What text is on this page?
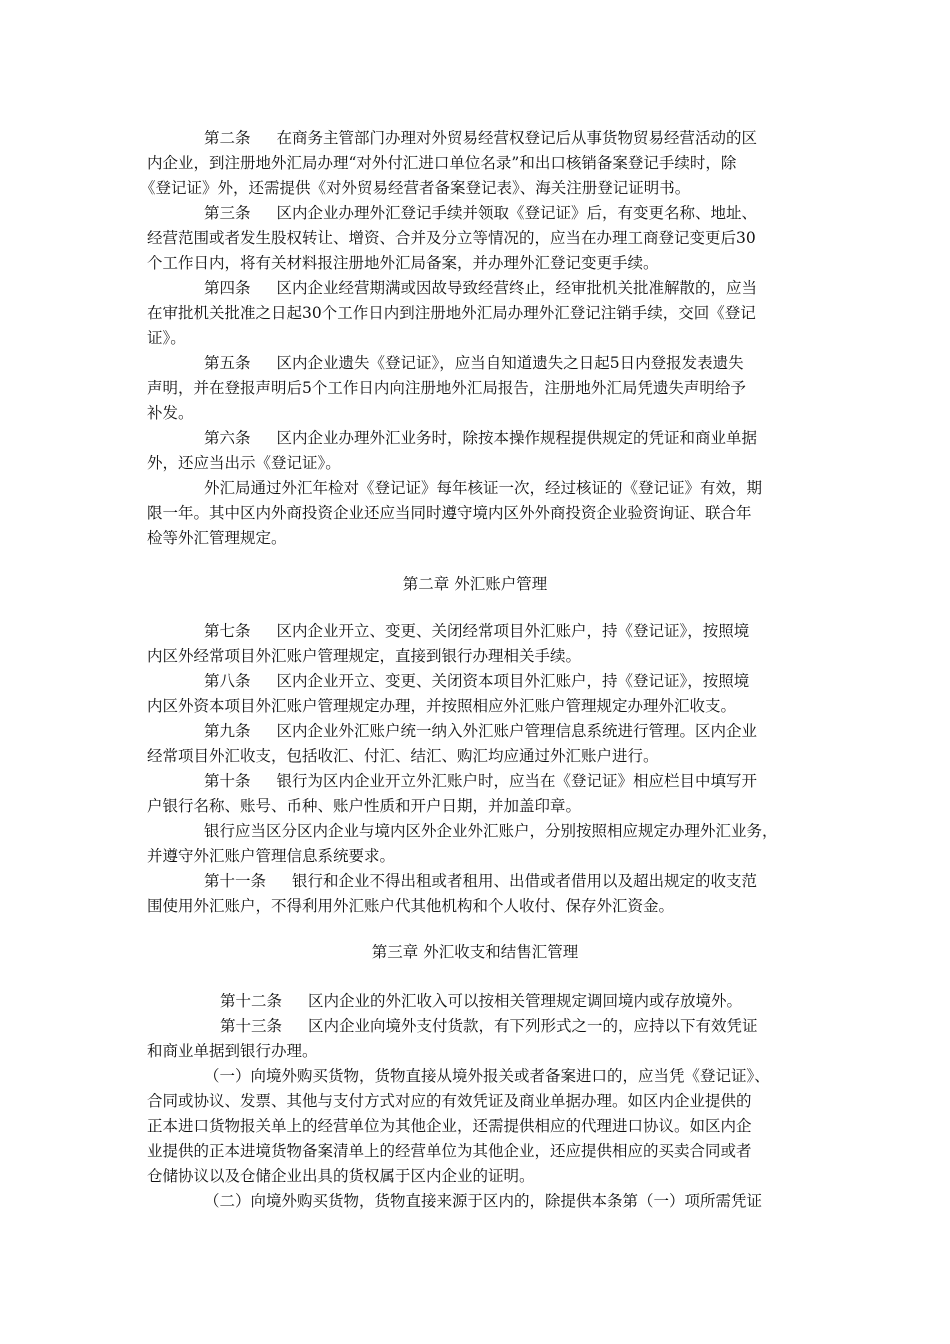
第二条 在商务主管部门办理对外贸易经营权登记后从事货物贸易经营活动的区
内企业，到注册地外汇局办理“对外付汇进口单位名录”和出口核销备案登记手续时，除
《登记证》外，还需提供《对外贸易经营者备案登记表》、海关注册登记证明书。
第三条 区内企业办理外汇登记手续并领取《登记证》后，有变更名称、地址、
经营范围或者发生股权转让、增资、合并及分立等情况的，应当在办理工商登记变更后30
个工作日内，将有关材料报注册地外汇局备案，并办理外汇登记变更手续。
第四条 区内企业经营期满或因故导致经营终止，经审批机关批准解散的，应当
在审批机关批准之日起30个工作日内到注册地外汇局办理外汇登记注销手续，交回《登记
证》。
第五条 区内企业遗失《登记证》，应当自知道遗失之日起5日内登报发表遗失
声明，并在登报声明后5个工作日内向注册地外汇局报告，注册地外汇局凭遗失声明给予
补发。
第六条 区内企业办理外汇业务时，除按本操作规程提供规定的凭证和商业单据
外，还应当出示《登记证》。
外汇局通过外汇年检对《登记证》每年核证一次，经过核证的《登记证》有效，期
限一年。其中区内外商投资企业还应当同时遵守境内区外外商投资企业验资询证、联合年
检等外汇管理规定。
第二章 外汇账户管理
第七条 区内企业开立、变更、关闭经常项目外汇账户，持《登记证》，按照境
内区外经常项目外汇账户管理规定，直接到银行办理相关手续。
第八条 区内企业开立、变更、关闭资本项目外汇账户，持《登记证》，按照境
内区外资本项目外汇账户管理规定办理，并按照相应外汇账户管理规定办理外汇收支。
第九条 区内企业外汇账户统一纳入外汇账户管理信息系统进行管理。区内企业
经常项目外汇收支，包括收汇、付汇、结汇、购汇均应通过外汇账户进行。
第十条 银行为区内企业开立外汇账户时，应当在《登记证》相应栏目中填写开
户银行名称、账号、币种、账户性质和开户日期，并加盖印章。
银行应当区分区内企业与境内区外企业外汇账户，分别按照相应规定办理外汇业务，
并遵守外汇账户管理信息系统要求。
第十一条 银行和企业不得出租或者租用、出借或者借用以及超出规定的收支范
围使用外汇账户，不得利用外汇账户代其他机构和个人收付、保存外汇资金。
第三章 外汇收支和结售汇管理
第十二条 区内企业的外汇收入可以按相关管理规定调回境内或存放境外。
第十三条 区内企业向境外支付货款，有下列形式之一的，应持以下有效凭证
和商业单据到银行办理。
（一）向境外购买货物，货物直接从境外报关或者备案进口的，应当凭《登记证》、
合同或协议、发票、其他与支付方式对应的有效凭证及商业单据办理。如区内企业提供的
正本进口货物报关单上的经营单位为其他企业，还需提供相应的代理进口协议。如区内企
业提供的正本进境货物备案清单上的经营单位为其他企业，还应提供相应的买卖合同或者
仓储协议以及仓储企业出具的货权属于区内企业的证明。
（二）向境外购买货物，货物直接来源于区内的，除提供本条第（一）项所需凭证
